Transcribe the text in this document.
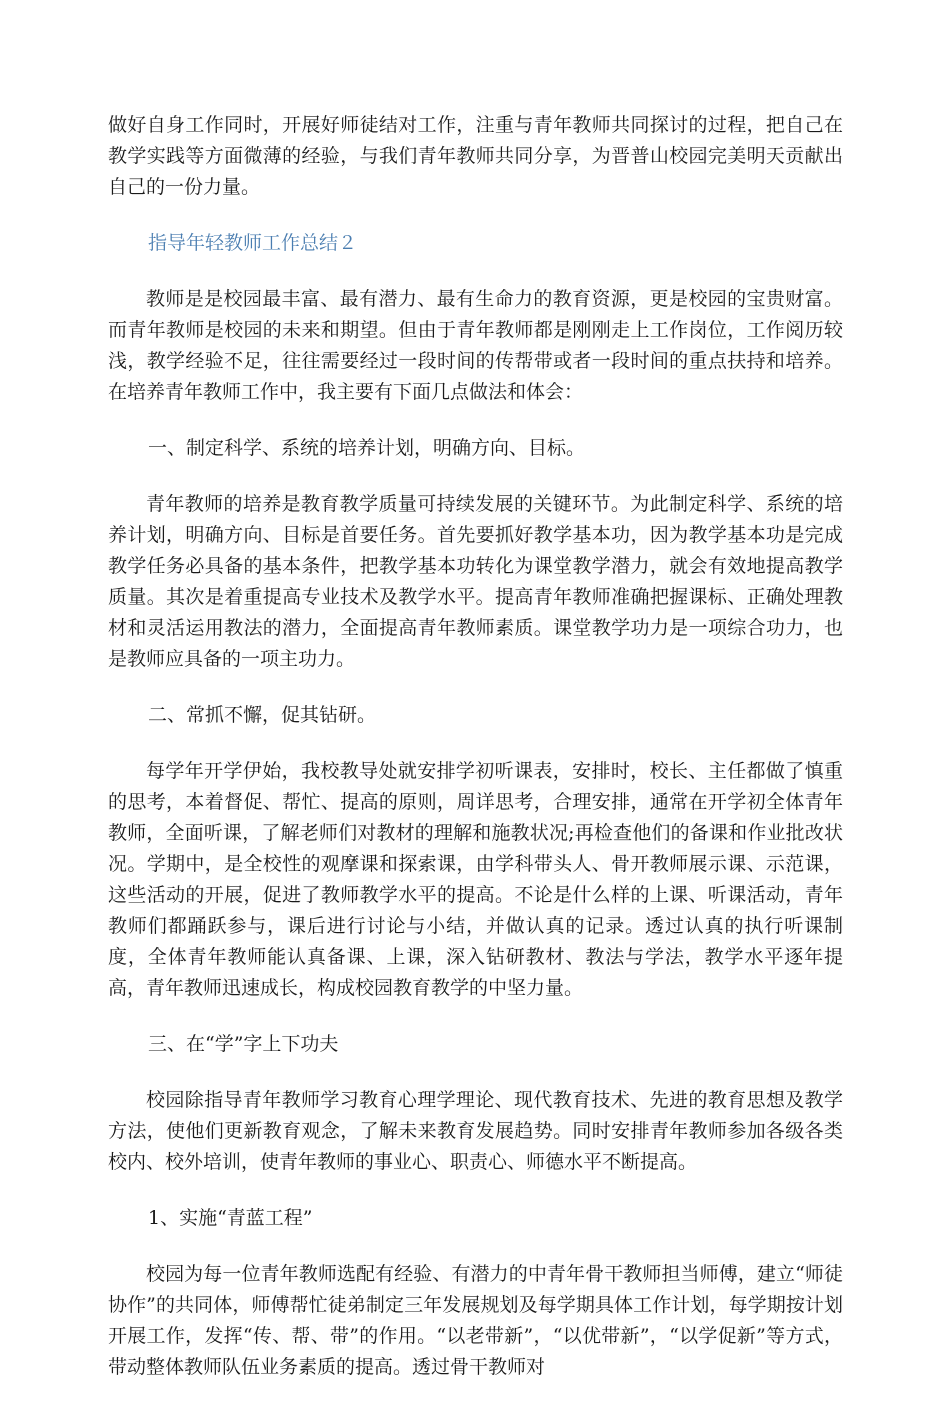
做好自身工作同时，开展好师徒结对工作，注重与青年教师共同探讨的过程，把自己在教学实践等方面微薄的经验，与我们青年教师共同分享，为晋普山校园完美明天贡献出自己的一份力量。

指导年轻教师工作总结２

教师是是校园最丰富、最有潜力、最有生命力的教育资源，更是校园的宝贵财富。而青年教师是校园的未来和期望。但由于青年教师都是刚刚走上工作岗位，工作阅历较浅，教学经验不足，往往需要经过一段时间的传帮带或者一段时间的重点扶持和培养。在培养青年教师工作中，我主要有下面几点做法和体会：

一、制定科学、系统的培养计划，明确方向、目标。

青年教师的培养是教育教学质量可持续发展的关键环节。为此制定科学、系统的培养计划，明确方向、目标是首要任务。首先要抓好教学基本功，因为教学基本功是完成教学任务必具备的基本条件，把教学基本功转化为课堂教学潜力，就会有效地提高教学质量。其次是着重提高专业技术及教学水平。提高青年教师准确把握课标、正确处理教材和灵活运用教法的潜力，全面提高青年教师素质。课堂教学功力是一项综合功力，也是教师应具备的一项主功力。

二、常抓不懈，促其钻研。

每学年开学伊始，我校教导处就安排学初听课表，安排时，校长、主任都做了慎重的思考，本着督促、帮忙、提高的原则，周详思考，合理安排，通常在开学初全体青年教师，全面听课，了解老师们对教材的理解和施教状况;再检查他们的备课和作业批改状况。学期中，是全校性的观摩课和探索课，由学科带头人、骨开教师展示课、示范课，这些活动的开展，促进了教师教学水平的提高。不论是什么样的上课、听课活动，青年教师们都踊跃参与，课后进行讨论与小结，并做认真的记录。透过认真的执行听课制度，全体青年教师能认真备课、上课，深入钻研教材、教法与学法，教学水平逐年提高，青年教师迅速成长，构成校园教育教学的中坚力量。

三、在“学”字上下功夫

校园除指导青年教师学习教育心理学理论、现代教育技术、先进的教育思想及教学方法，使他们更新教育观念，了解未来教育发展趋势。同时安排青年教师参加各级各类校内、校外培训，使青年教师的事业心、职责心、师德水平不断提高。

1、实施“青蓝工程”

校园为每一位青年教师选配有经验、有潜力的中青年骨干教师担当师傅，建立“师徒协作”的共同体，师傅帮忙徒弟制定三年发展规划及每学期具体工作计划，每学期按计划开展工作，发挥“传、帮、带”的作用。“以老带新”，“以优带新”，“以学促新”等方式，带动整体教师队伍业务素质的提高。透过骨干教师对
